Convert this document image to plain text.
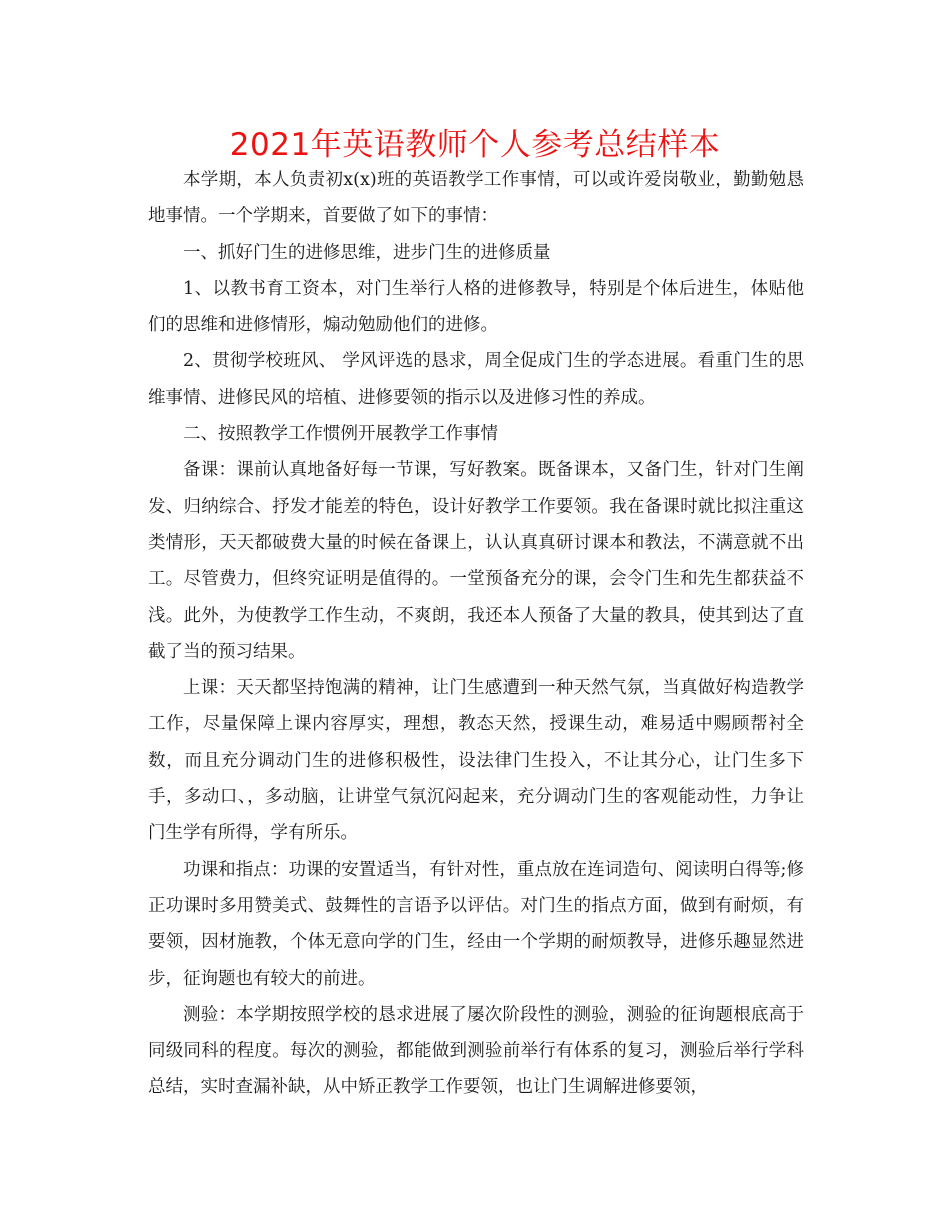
2021年英语教师个人参考总结样本

本学期，本人负责初x(x)班的英语教学工作事情，可以或许爱岗敬业，勤勤勉恳地事情。一个学期来，首要做了如下的事情：

一、抓好门生的进修思维，进步门生的进修质量

1、以教书育工资本，对门生举行人格的进修教导，特别是个体后进生，体贴他们的思维和进修情形，煽动勉励他们的进修。

2、贯彻学校班风、 学风评选的恳求，周全促成门生的学态进展。看重门生的思维事情、进修民风的培植、进修要领的指示以及进修习性的养成。

二、按照教学工作惯例开展教学工作事情

备课：课前认真地备好每一节课，写好教案。既备课本，又备门生，针对门生阐发、归纳综合、抒发才能差的特色，设计好教学工作要领。我在备课时就比拟注重这类情形，天天都破费大量的时候在备课上，认认真真研讨课本和教法，不满意就不出工。尽管费力，但终究证明是值得的。一堂预备充分的课，会令门生和先生都获益不浅。此外，为使教学工作生动，不爽朗，我还本人预备了大量的教具，使其到达了直截了当的预习结果。

上课：天天都坚持饱满的精神，让门生感遭到一种天然气氛，当真做好构造教学工作，尽量保障上课内容厚实，理想，教态天然，授课生动，难易适中赐顾帮衬全数，而且充分调动门生的进修积极性，设法律门生投入，不让其分心，让门生多下手，多动口、，多动脑，让讲堂气氛沉闷起来，充分调动门生的客观能动性，力争让门生学有所得，学有所乐。

功课和指点：功课的安置适当，有针对性，重点放在连词造句、阅读明白得等;修正功课时多用赞美式、鼓舞性的言语予以评估。对门生的指点方面，做到有耐烦，有要领，因材施教，个体无意向学的门生，经由一个学期的耐烦教导，进修乐趣显然进步，征询题也有较大的前进。

测验：本学期按照学校的恳求进展了屡次阶段性的测验，测验的征询题根底高于同级同科的程度。每次的测验，都能做到测验前举行有体系的复习，测验后举行学科总结，实时查漏补缺，从中矫正教学工作要领，也让门生调解进修要领，
